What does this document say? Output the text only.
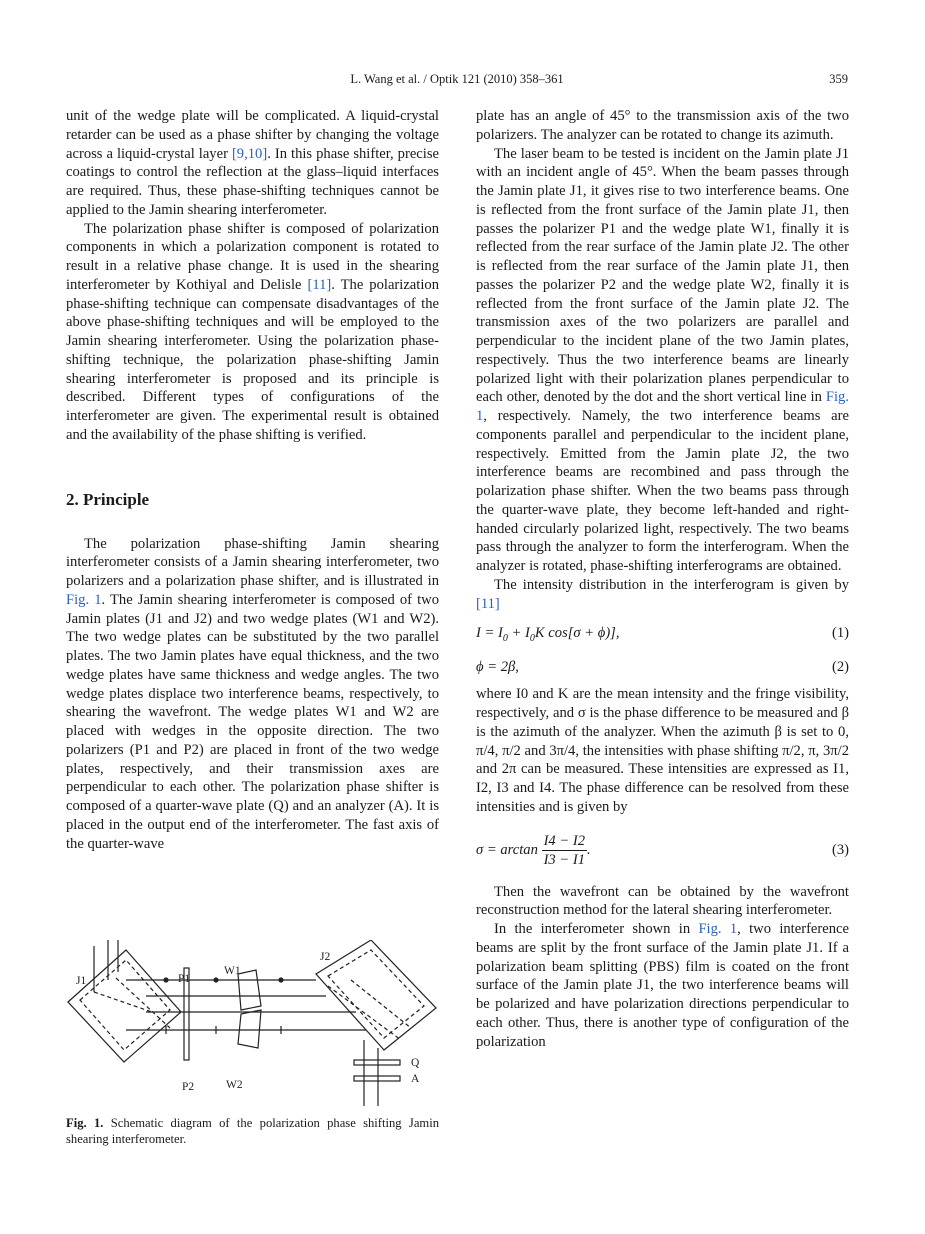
L. Wang et al. / Optik 121 (2010) 358–361	359

unit of the wedge plate will be complicated. A liquid-crystal retarder can be used as a phase shifter by changing the voltage across a liquid-crystal layer [9,10]. In this phase shifter, precise coatings to control the reflection at the glass–liquid interfaces are required. Thus, these phase-shifting techniques cannot be applied to the Jamin shearing interferometer.

The polarization phase shifter is composed of polarization components in which a polarization component is rotated to result in a relative phase change. It is used in the shearing interferometer by Kothiyal and Delisle [11]. The polarization phase-shifting technique can compensate disadvantages of the above phase-shifting techniques and will be employed to the Jamin shearing interferometer. Using the polarization phase-shifting technique, the polarization phase-shifting Jamin shearing interferometer is proposed and its principle is described. Different types of configurations of the interferometer are given. The experimental result is obtained and the availability of the phase shifting is verified.

2. Principle

The polarization phase-shifting Jamin shearing interferometer consists of a Jamin shearing interferometer, two polarizers and a polarization phase shifter, and is illustrated in Fig. 1. The Jamin shearing interferometer is composed of two Jamin plates (J1 and J2) and two wedge plates (W1 and W2). The two wedge plates can be substituted by the two parallel plates. The two Jamin plates have equal thickness, and the two wedge plates have same thickness and wedge angles. The two wedge plates displace two interference beams, respectively, to shearing the wavefront. The wedge plates W1 and W2 are placed with wedges in the opposite direction. The two polarizers (P1 and P2) are placed in front of the two wedge plates, respectively, and their transmission axes are perpendicular to each other. The polarization phase shifter is composed of a quarter-wave plate (Q) and an analyzer (A). It is placed in the output end of the interferometer. The fast axis of the quarter-wave

J1
J2
P1
P2
W1
W2
Q
A
Fig. 1. Schematic diagram of the polarization phase shifting Jamin shearing interferometer.

plate has an angle of 45° to the transmission axis of the two polarizers. The analyzer can be rotated to change its azimuth.

The laser beam to be tested is incident on the Jamin plate J1 with an incident angle of 45°. When the beam passes through the Jamin plate J1, it gives rise to two interference beams. One is reflected from the front surface of the Jamin plate J1, then passes the polarizer P1 and the wedge plate W1, finally it is reflected from the rear surface of the Jamin plate J2. The other is reflected from the rear surface of the Jamin plate J1, then passes the polarizer P2 and the wedge plate W2, finally it is reflected from the front surface of the Jamin plate J2. The transmission axes of the two polarizers are parallel and perpendicular to the incident plane of the two Jamin plates, respectively. Thus the two interference beams are linearly polarized light with their polarization planes perpendicular to each other, denoted by the dot and the short vertical line in Fig. 1, respectively. Namely, the two interference beams are components parallel and perpendicular to the incident plane, respectively. Emitted from the Jamin plate J2, the two interference beams are recombined and pass through the polarization phase shifter. When the two beams pass through the quarter-wave plate, they become left-handed and right-handed circularly polarized light, respectively. The two beams pass through the analyzer to form the interferogram. When the analyzer is rotated, phase-shifting interferograms are obtained.

The intensity distribution in the interferogram is given by [11]

$I = I_0 + I_0K$ cos[σ + ϕ)],	(1)
ϕ = 2β,	(2)

where I0 and K are the mean intensity and the fringe visibility, respectively, and σ is the phase difference to be measured and β is the azimuth of the analyzer. When the azimuth β is set to 0, π/4, π/2 and 3π/4, the intensities with phase shifting π/2, π, 3π/2 and 2π can be measured. These intensities are expressed as I1, I2, I3 and I4. The phase difference can be resolved from these intensities and is given by

$\sigma = \arctan \frac{I4 - I2}{I3 - I1}$ .	(3)

Then the wavefront can be obtained by the wavefront reconstruction method for the lateral shearing interferometer.

In the interferometer shown in Fig. 1, two interference beams are split by the front surface of the Jamin plate J1. If a polarization beam splitting (PBS) film is coated on the front surface of the Jamin plate J1, the two interference beams will be polarized and have polarization directions perpendicular to each other. Thus, there is another type of configuration of the polarization
